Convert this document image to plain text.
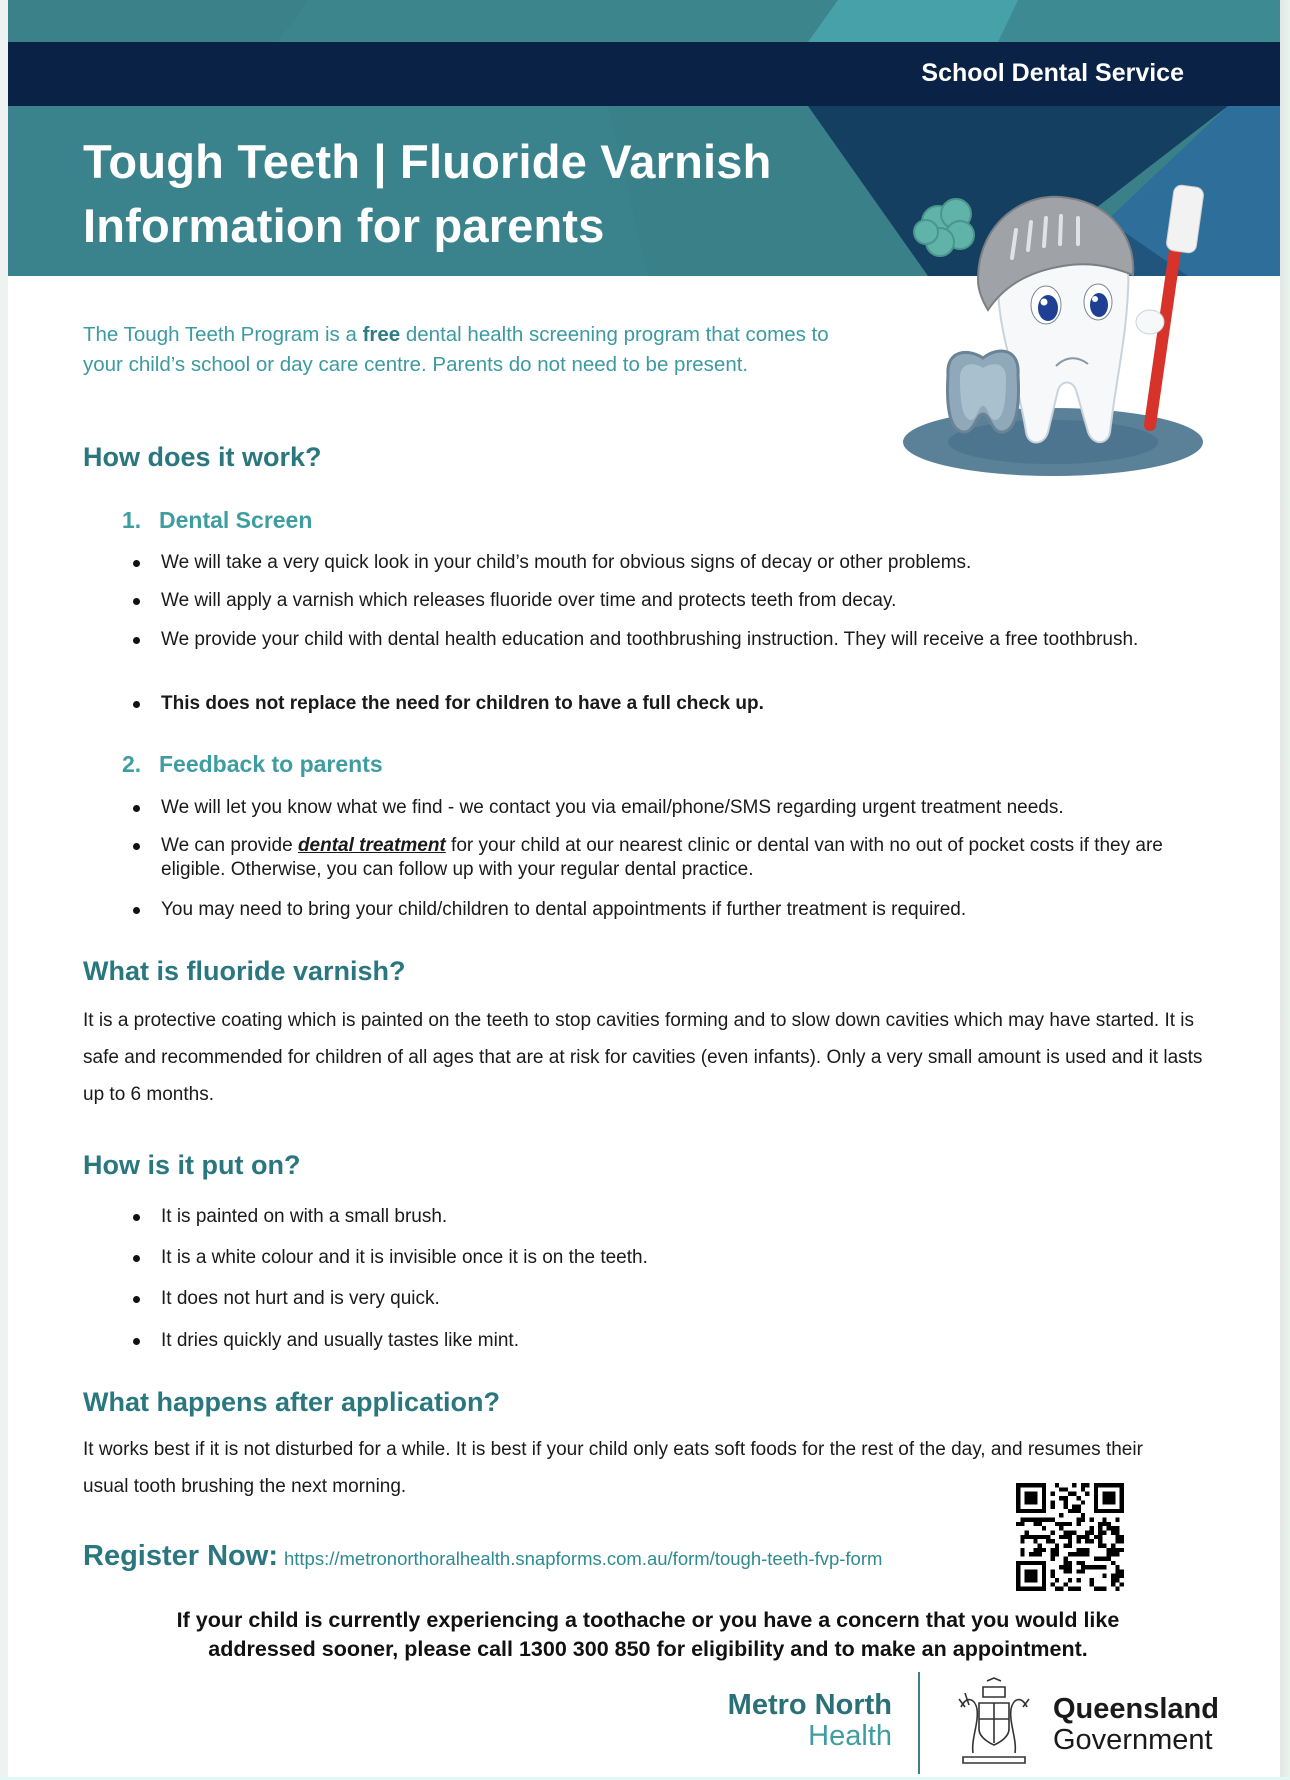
School Dental Service
Tough Teeth | Fluoride Varnish
Information for parents
The Tough Teeth Program is a free dental health screening program that comes to your child’s school or day care centre. Parents do not need to be present.
How does it work?
1. Dental Screen
We will take a very quick look in your child’s mouth for obvious signs of decay or other problems.
We will apply a varnish which releases fluoride over time and protects teeth from decay.
We provide your child with dental health education and toothbrushing instruction. They will receive a free toothbrush.
This does not replace the need for children to have a full check up.
2. Feedback to parents
We will let you know what we find - we contact you via email/phone/SMS regarding urgent treatment needs.
We can provide dental treatment for your child at our nearest clinic or dental van with no out of pocket costs if they are eligible. Otherwise, you can follow up with your regular dental practice.
You may need to bring your child/children to dental appointments if further treatment is required.
What is fluoride varnish?
It is a protective coating which is painted on the teeth to stop cavities forming and to slow down cavities which may have started. It is safe and recommended for children of all ages that are at risk for cavities (even infants). Only a very small amount is used and it lasts up to 6 months.
How is it put on?
It is painted on with a small brush.
It is a white colour and it is invisible once it is on the teeth.
It does not hurt and is very quick.
It dries quickly and usually tastes like mint.
What happens after application?
It works best if it is not disturbed for a while. It is best if your child only eats soft foods for the rest of the day, and resumes their usual tooth brushing the next morning.
Register Now: https://metronorthoralhealth.snapforms.com.au/form/tough-teeth-fvp-form
If your child is currently experiencing a toothache or you have a concern that you would like
addressed sooner, please call 1300 300 850 for eligibility and to make an appointment.
Metro North
Health
Queensland
Government
